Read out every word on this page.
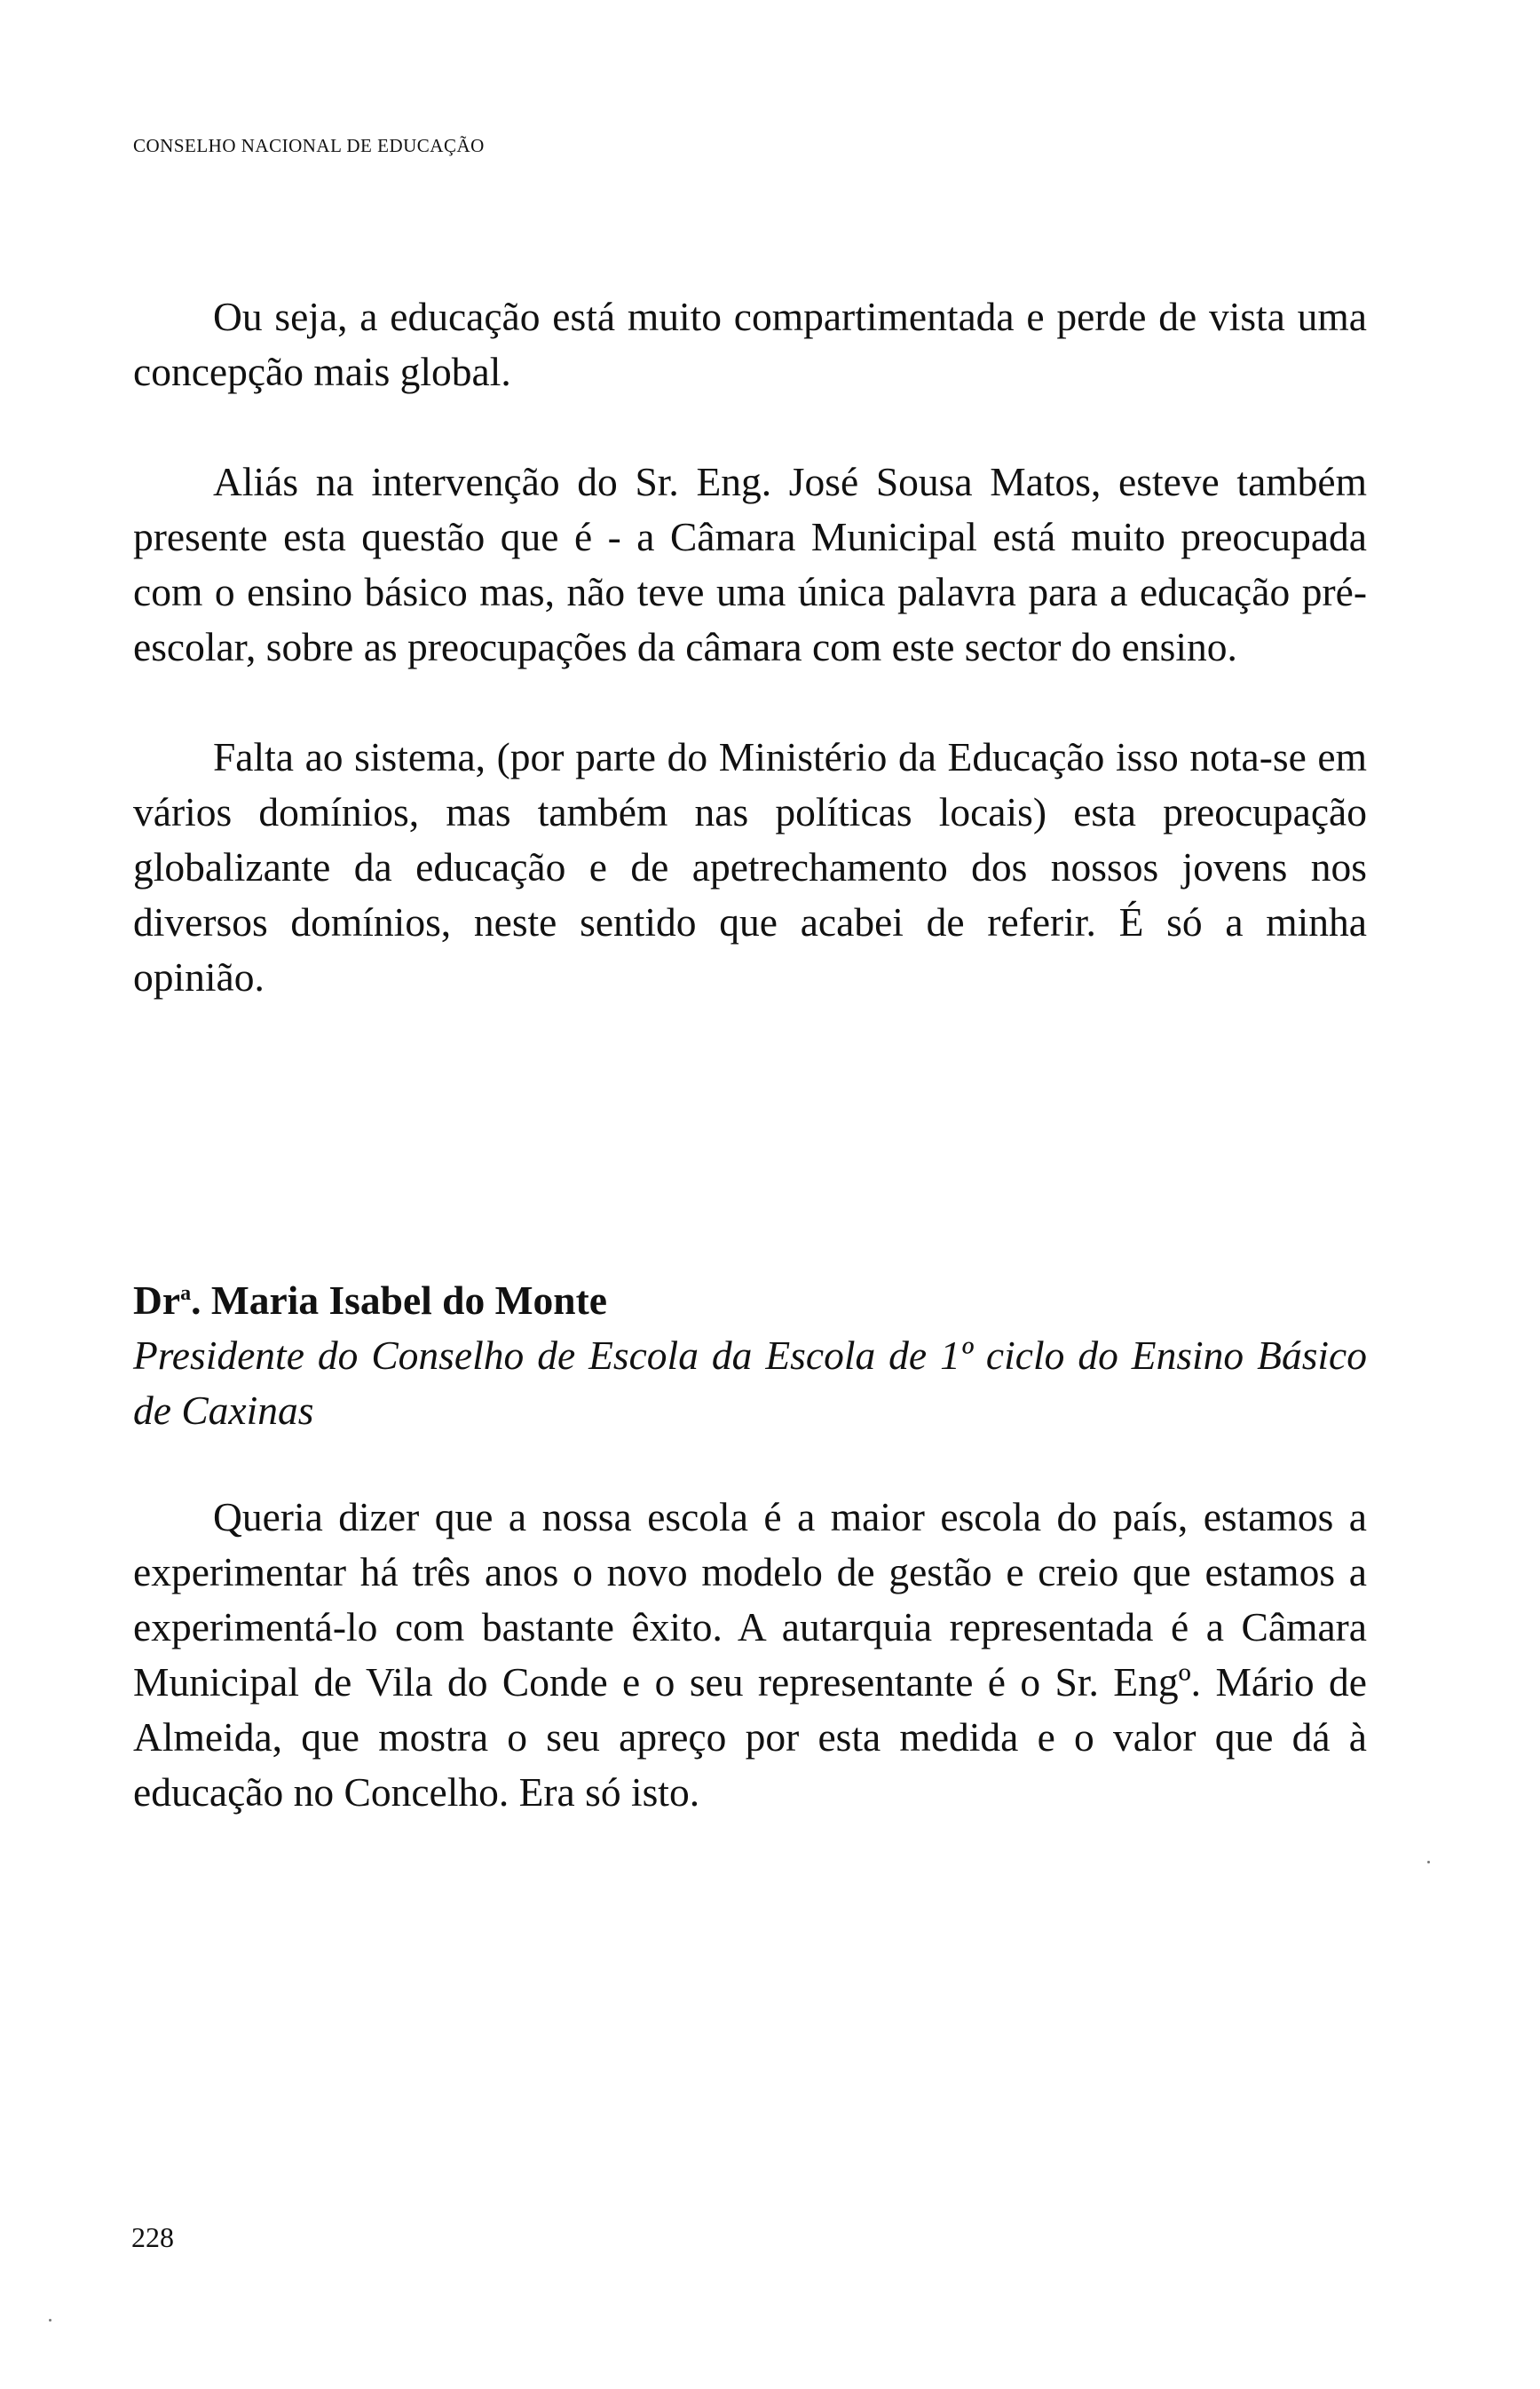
CONSELHO NACIONAL DE EDUCAÇÃO

Ou seja, a educação está muito compartimentada e perde de vista uma concepção mais global.

Aliás na intervenção do Sr. Eng. José Sousa Matos, esteve também presente esta questão que é - a Câmara Municipal está muito preocupada com o ensino básico mas, não teve uma única palavra para a educação pré-escolar, sobre as preocupações da câmara com este sector do ensino.

Falta ao sistema, (por parte do Ministério da Educação isso nota-se em vários domínios, mas também nas políticas locais) esta preocupação globalizante da educação e de apetrechamento dos nossos jovens nos diversos domínios, neste sentido que acabei de referir. É só a minha opinião.

Dr$^a$. Maria Isabel do Monte

Presidente do Conselho de Escola da Escola de 1º ciclo do Ensino Básico de Caxinas

Queria dizer que a nossa escola é a maior escola do país, estamos a experimentar há três anos o novo modelo de gestão e creio que estamos a experimentá-lo com bastante êxito. A autarquia representada é a Câmara Municipal de Vila do Conde e o seu representante é o Sr. Engº. Mário de Almeida, que mostra o seu apreço por esta medida e o valor que dá à educação no Concelho. Era só isto.

228
